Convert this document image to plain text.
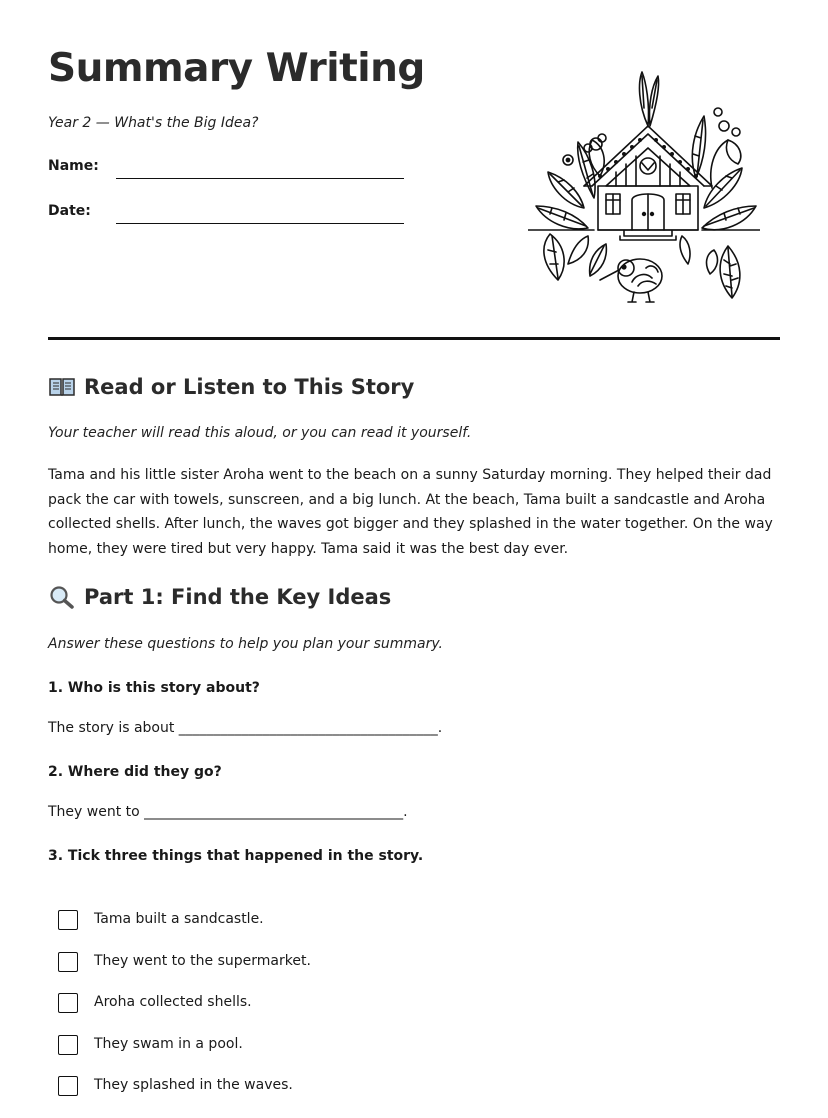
Summary Writing
Year 2 — What's the Big Idea?
Name:
Date:
Read or Listen to This Story
Your teacher will read this aloud, or you can read it yourself.

Tama and his little sister Aroha went to the beach on a sunny Saturday morning. They helped their dad pack the car with towels, sunscreen, and a big lunch. At the beach, Tama built a sandcastle and Aroha collected shells. After lunch, the waves got bigger and they splashed in the water together. On the way home, they were tired but very happy. Tama said it was the best day ever.

Part 1: Find the Key Ideas
Answer these questions to help you plan your summary.
1. Who is this story about?
The story is about _____________________________________.
2. Where did they go?
They went to _____________________________________.
3. Tick three things that happened in the story.
Tama built a sandcastle.
They went to the supermarket.
Aroha collected shells.
They swam in a pool.
They splashed in the waves.
